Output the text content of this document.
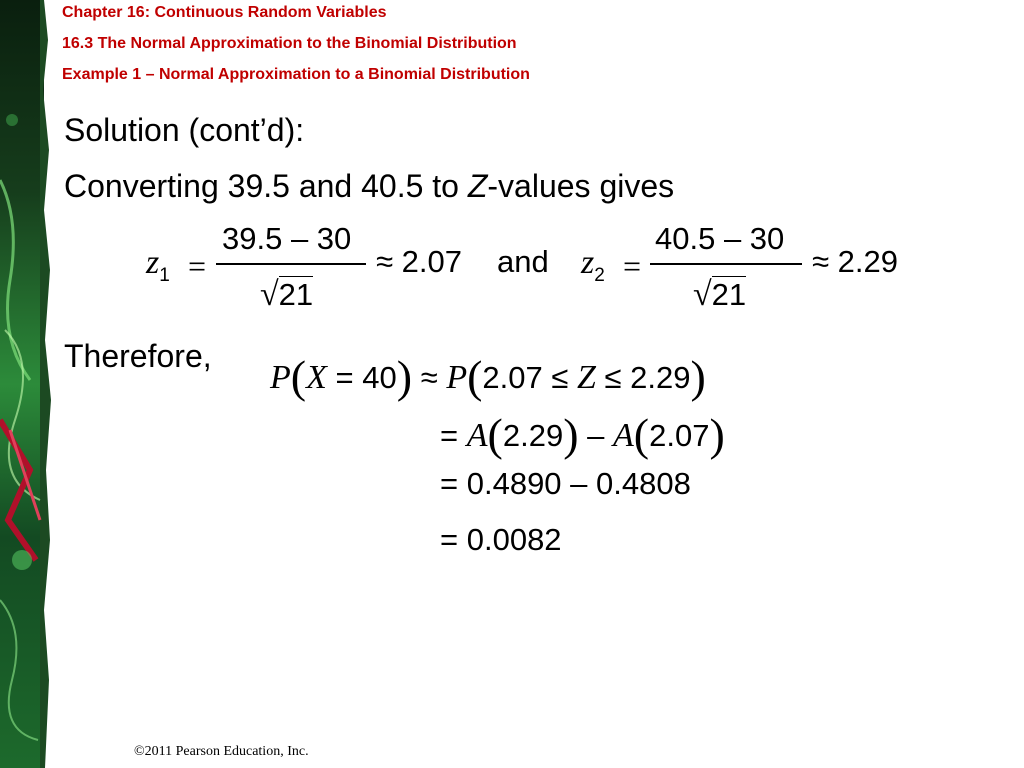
Chapter 16: Continuous Random Variables
16.3 The Normal Approximation to the Binomial Distribution
Example 1 – Normal Approximation to a Binomial Distribution
Solution (cont’d):
Converting 39.5 and 40.5 to Z-values gives
$z_1$ =
39.5 – 30
√21
≈ 2.07 and $z_2$ =
40.5 – 30
√21
≈ 2.29
Therefore,
P(X = 40) ≈ P(2.07 ≤ Z ≤ 2.29)
= A(2.29) – A(2.07)
= 0.4890 – 0.4808
= 0.0082
©2011 Pearson Education, Inc.
